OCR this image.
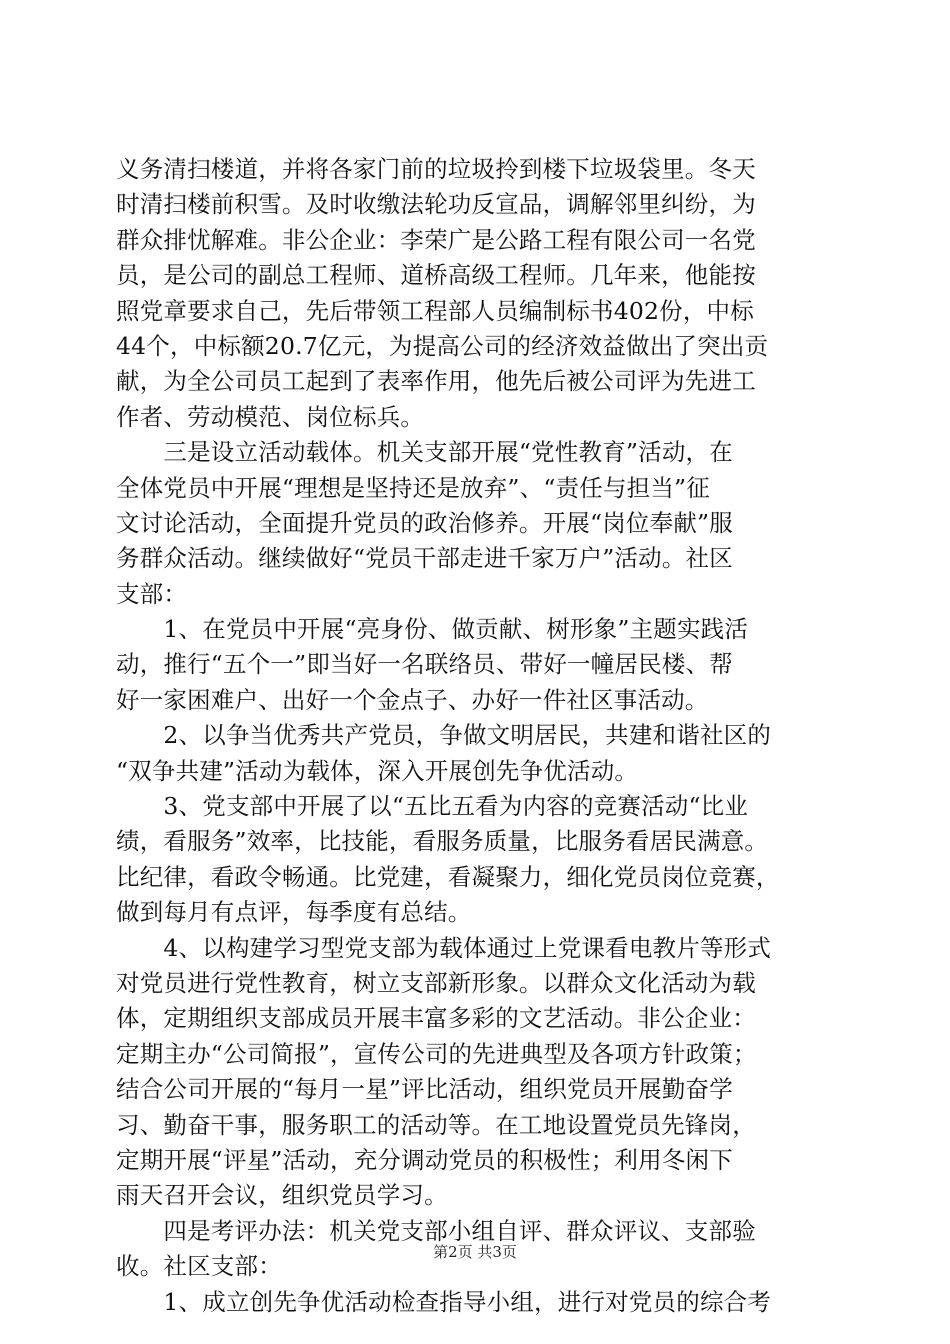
义务清扫楼道，并将各家门前的垃圾拎到楼下垃圾袋里。冬天
时清扫楼前积雪。及时收缴法轮功反宣品，调解邻里纠纷，为
群众排忧解难。非公企业：李荣广是公路工程有限公司一名党
员，是公司的副总工程师、道桥高级工程师。几年来，他能按
照党章要求自己，先后带领工程部人员编制标书402份，中标
44个，中标额20.7亿元，为提高公司的经济效益做出了突出贡
献，为全公司员工起到了表率作用，他先后被公司评为先进工
作者、劳动模范、岗位标兵。
　　三是设立活动载体。机关支部开展“党性教育”活动，在
全体党员中开展“理想是坚持还是放弃”、“责任与担当”征
文讨论活动，全面提升党员的政治修养。开展“岗位奉献”服
务群众活动。继续做好“党员干部走进千家万户”活动。社区
支部：
　　1、在党员中开展“亮身份、做贡献、树形象”主题实践活
动，推行“五个一”即当好一名联络员、带好一幢居民楼、帮
好一家困难户、出好一个金点子、办好一件社区事活动。
　　2、以争当优秀共产党员，争做文明居民，共建和谐社区的
“双争共建”活动为载体，深入开展创先争优活动。
　　3、党支部中开展了以“五比五看为内容的竞赛活动“比业
绩，看服务”效率，比技能，看服务质量，比服务看居民满意。
比纪律，看政令畅通。比党建，看凝聚力，细化党员岗位竞赛，
做到每月有点评，每季度有总结。
　　4、以构建学习型党支部为载体通过上党课看电教片等形式
对党员进行党性教育，树立支部新形象。以群众文化活动为载
体，定期组织支部成员开展丰富多彩的文艺活动。非公企业：
定期主办“公司简报”，宣传公司的先进典型及各项方针政策；
结合公司开展的“每月一星”评比活动，组织党员开展勤奋学
习、勤奋干事，服务职工的活动等。在工地设置党员先锋岗，
定期开展“评星”活动，充分调动党员的积极性；利用冬闲下
雨天召开会议，组织党员学习。
　　四是考评办法：机关党支部小组自评、群众评议、支部验
收。社区支部：
　　1、成立创先争优活动检查指导小组，进行对党员的综合考
第2页 共3页
